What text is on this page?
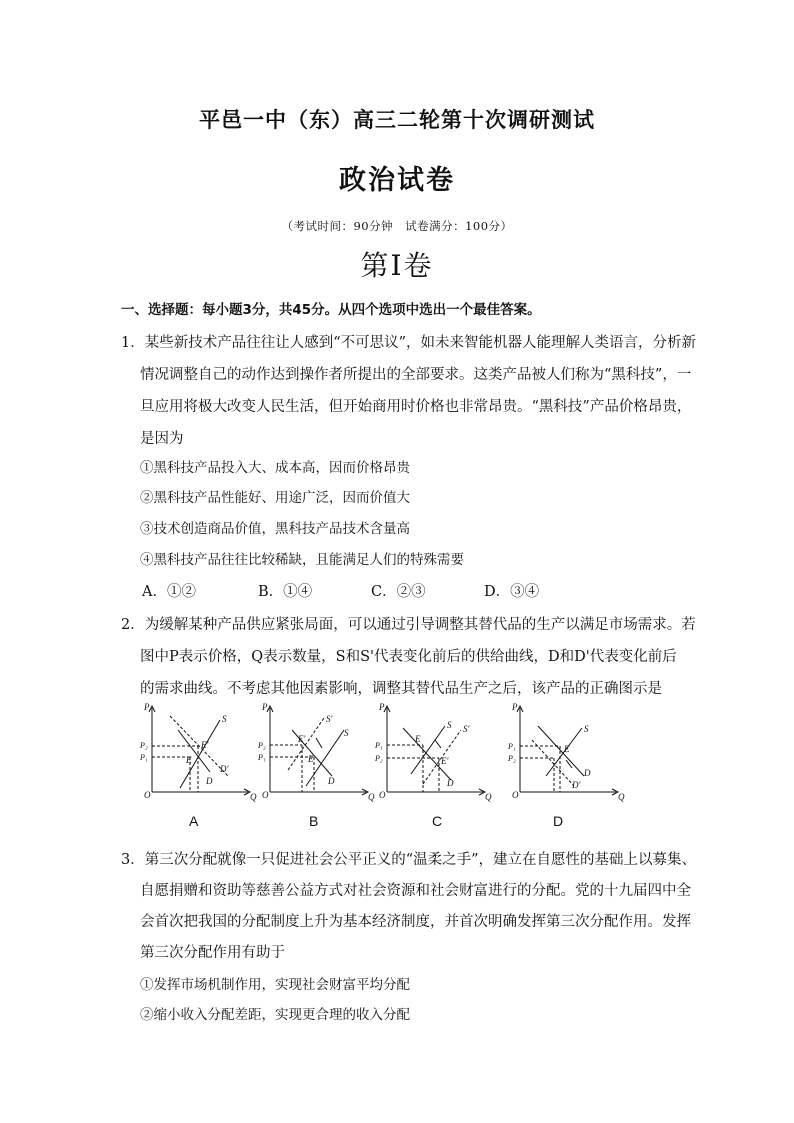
平邑一中（东）高三二轮第十次调研测试
政治试卷
（考试时间：90分钟　试卷满分：100分）
第Ⅰ卷
一、选择题：每小题3分，共45分。从四个选项中选出一个最佳答案。
1．某些新技术产品往往让人感到“不可思议”，如未来智能机器人能理解人类语言，分析新
情况调整自己的动作达到操作者所提出的全部要求。这类产品被人们称为“黑科技”，一
旦应用将极大改变人民生活，但开始商用时价格也非常昂贵。“黑科技”产品价格昂贵，
是因为
①黑科技产品投入大、成本高，因而价格昂贵
②黑科技产品性能好、用途广泛，因而价值大
③技术创造商品价值，黑科技产品技术含量高
④黑科技产品往往比较稀缺，且能满足人们的特殊需要
A．①②	B．①④	C．②③	D．③④
2．为缓解某种产品供应紧张局面，可以通过引导调整其替代品的生产以满足市场需求。若
图中P表示价格，Q表示数量，S和S'代表变化前后的供给曲线，D和D'代表变化前后
的需求曲线。不考虑其他因素影响，调整其替代品生产之后，该产品的正确图示是
P
Q
O
P₂
P₁
S
E'
E
D'
D
P
Q
O
P₂
P₁
S'
S
E'
E
D
P
Q
O
P₁
P₂
S S'
E
E'
D
P
Q
O
P₁
P₂
S
E
D
D'
A	B	C	D
3．第三次分配就像一只促进社会公平正义的“温柔之手”，建立在自愿性的基础上以募集、
自愿捐赠和资助等慈善公益方式对社会资源和社会财富进行的分配。党的十九届四中全
会首次把我国的分配制度上升为基本经济制度，并首次明确发挥第三次分配作用。发挥
第三次分配作用有助于
①发挥市场机制作用，实现社会财富平均分配
②缩小收入分配差距，实现更合理的收入分配
